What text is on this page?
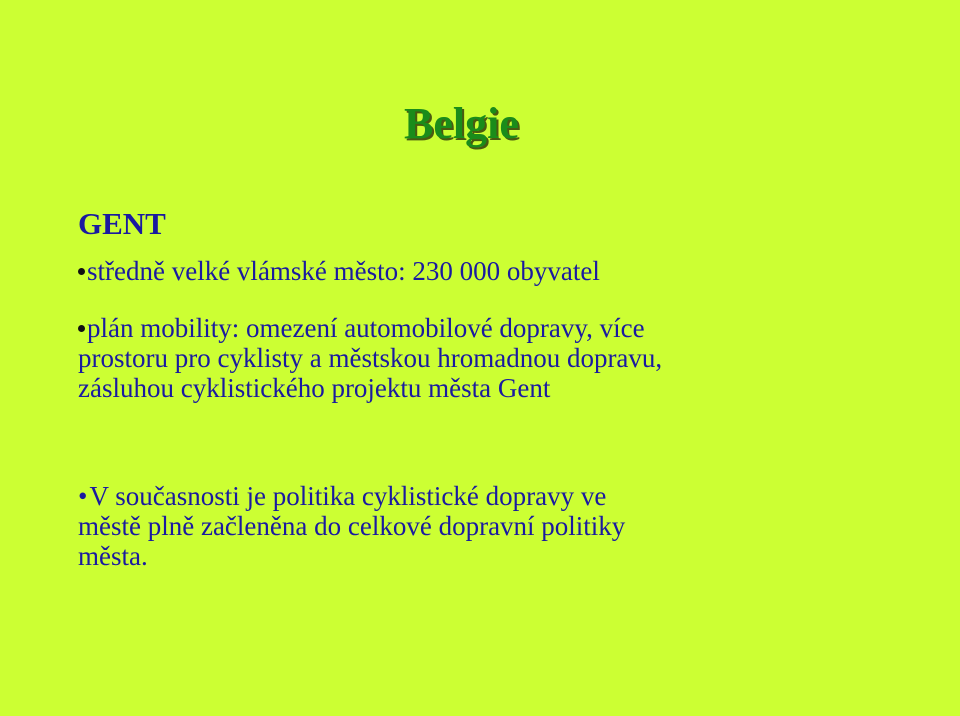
Belgie
GENT
středně velké vlámské město: 230 000 obyvatel
plán mobility: omezení automobilové dopravy, více
prostoru pro cyklisty a městskou hromadnou dopravu,
zásluhou cyklistického projektu města Gent
•V současnosti je politika cyklistické dopravy ve
městě plně začleněna do celkové dopravní politiky
města.
